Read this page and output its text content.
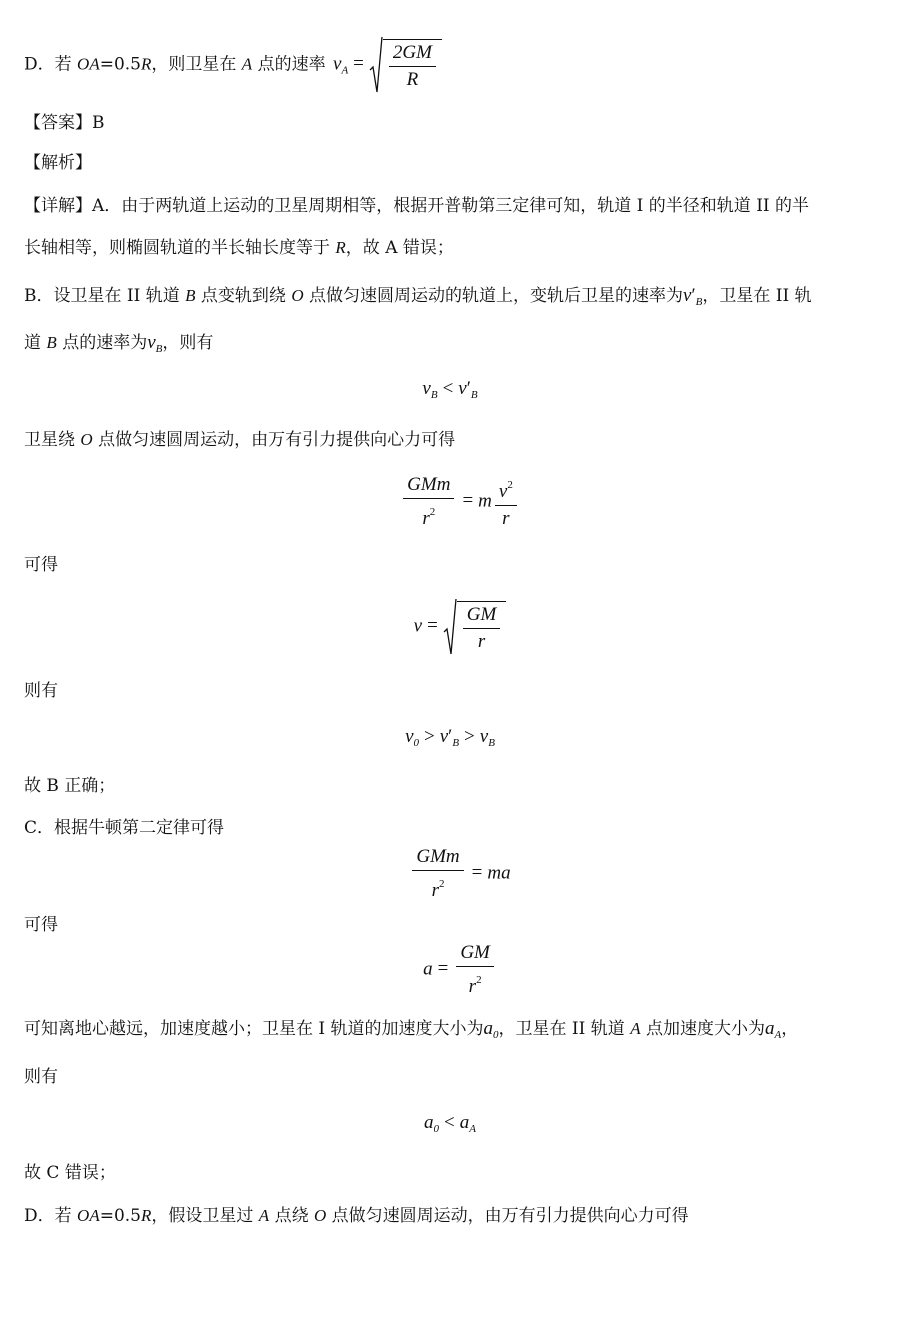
D．若 OA=0.5R，则卫星在 A 点的速率 $v_A = \frac{2GM}{R}$
【答案】B
【解析】
【详解】A．由于两轨道上运动的卫星周期相等，根据开普勒第三定律可知，轨道 I 的半径和轨道 II 的半
长轴相等，则椭圆轨道的半长轴长度等于 R，故 A 错误；
B．设卫星在 II 轨道 B 点变轨到绕 O 点做匀速圆周运动的轨道上，变轨后卫星的速率为$v'_B$，卫星在 II 轨
道 B 点的速率为$v_B$，则有
$v_B < v'_B$
卫星绕 O 点做匀速圆周运动，由万有引力提供向心力可得
$\frac{\text{GMm}}{r^2} = m \frac{v^2}{r}$
可得
$v = \frac{GM}{r}$
则有
$v_0 > v'_B > v_B$
故 B 正确；
C．根据牛顿第二定律可得
$\frac{\text{GMm}}{r^2}$ = ma
可得
$a = \frac{GM}{r^2}$
可知离地心越远，加速度越小；卫星在 I 轨道的加速度大小为$a_0$，卫星在 II 轨道 A 点加速度大小为$a_A$，
则有
$a_0 < a_A$
故 C 错误；
D．若 OA=0.5R，假设卫星过 A 点绕 O 点做匀速圆周运动，由万有引力提供向心力可得
